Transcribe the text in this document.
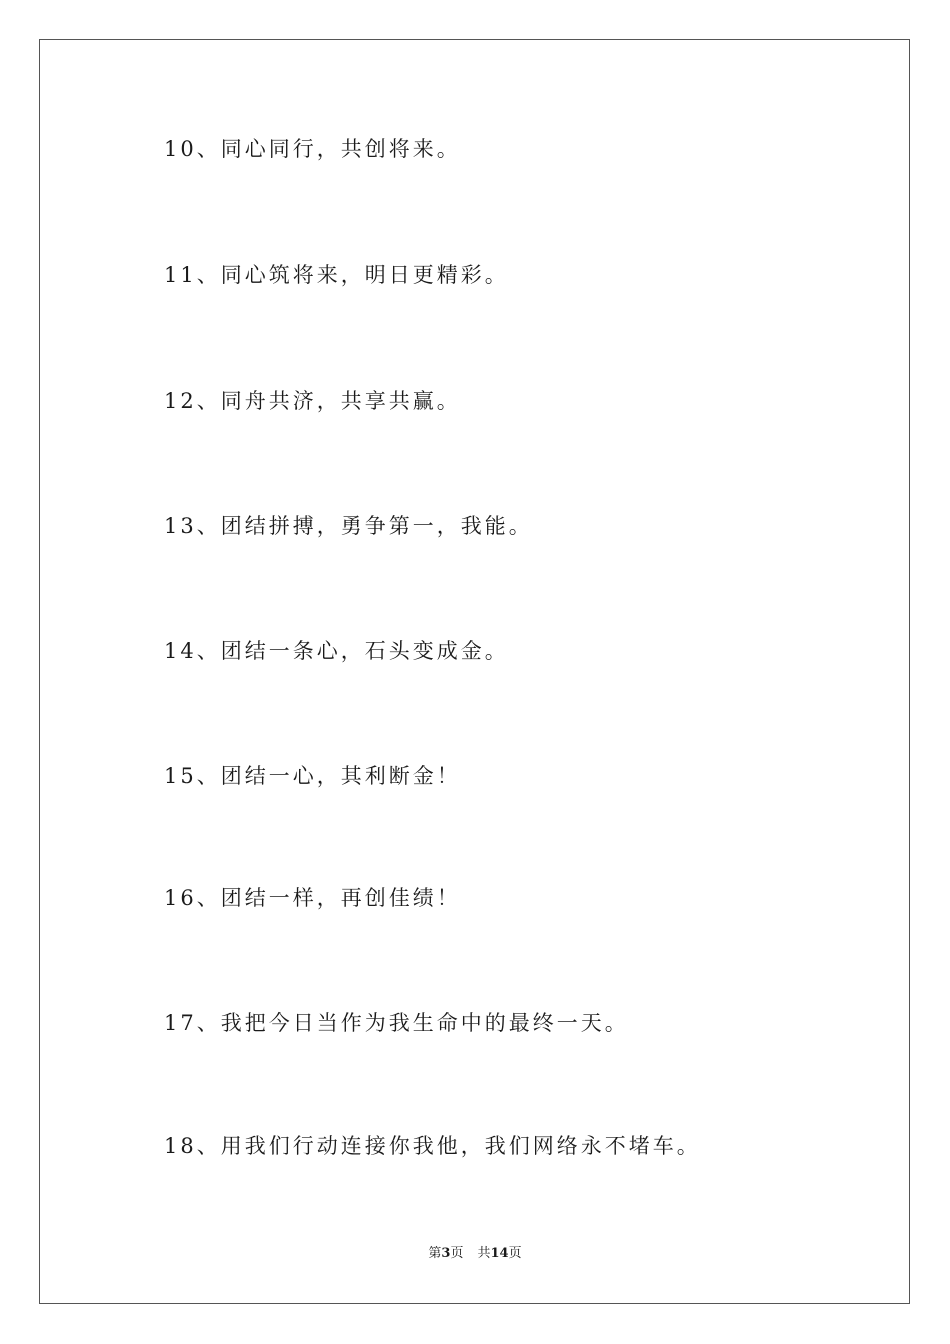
10、同心同行，共创将来。
11、同心筑将来，明日更精彩。
12、同舟共济，共享共赢。
13、团结拼搏，勇争第一，我能。
14、团结一条心，石头变成金。
15、团结一心，其利断金！
16、团结一样，再创佳绩！
17、我把今日当作为我生命中的最终一天。
18、用我们行动连接你我他，我们网络永不堵车。
第3页 共14页
